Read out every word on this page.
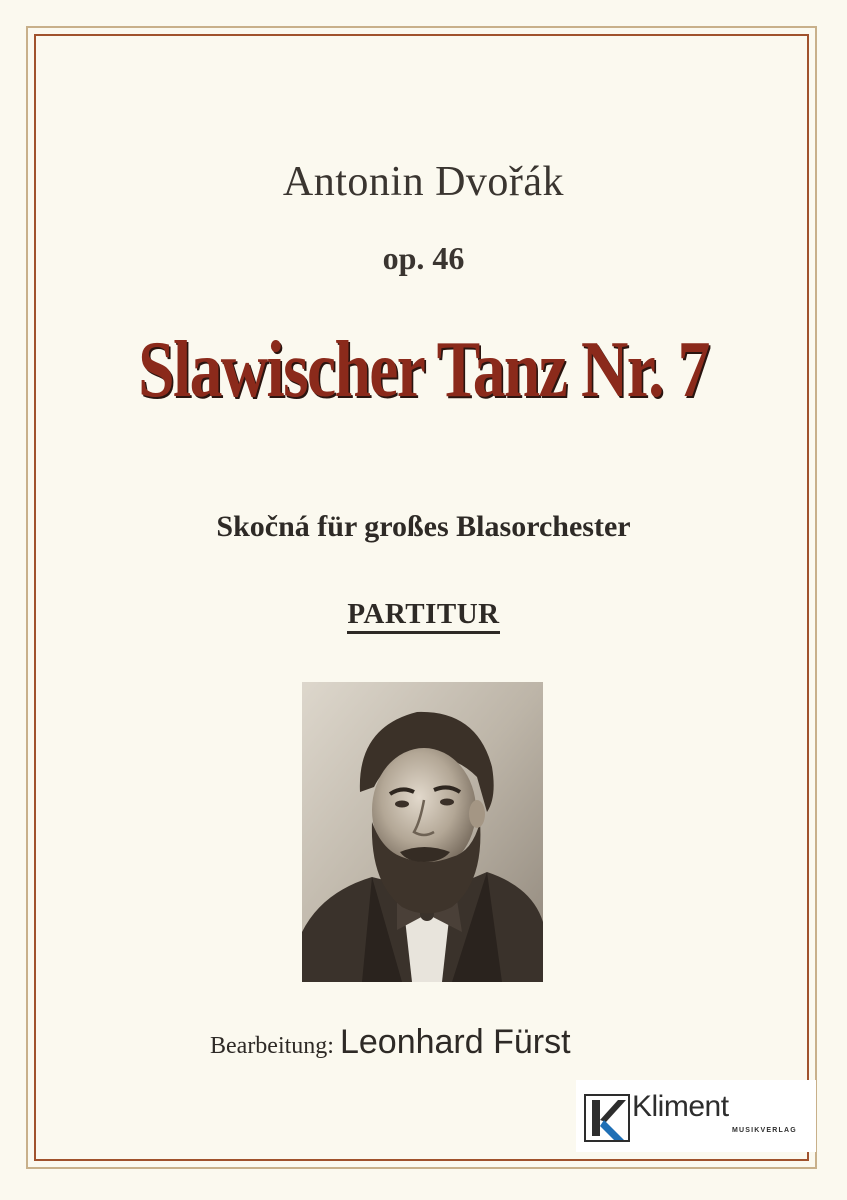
Antonin Dvořák
op. 46
Slawischer Tanz Nr. 7
Skočná für großes Blasorchester
PARTITUR
Bearbeitung: Leonhard Fürst
Kliment
MUSIKVERLAG
